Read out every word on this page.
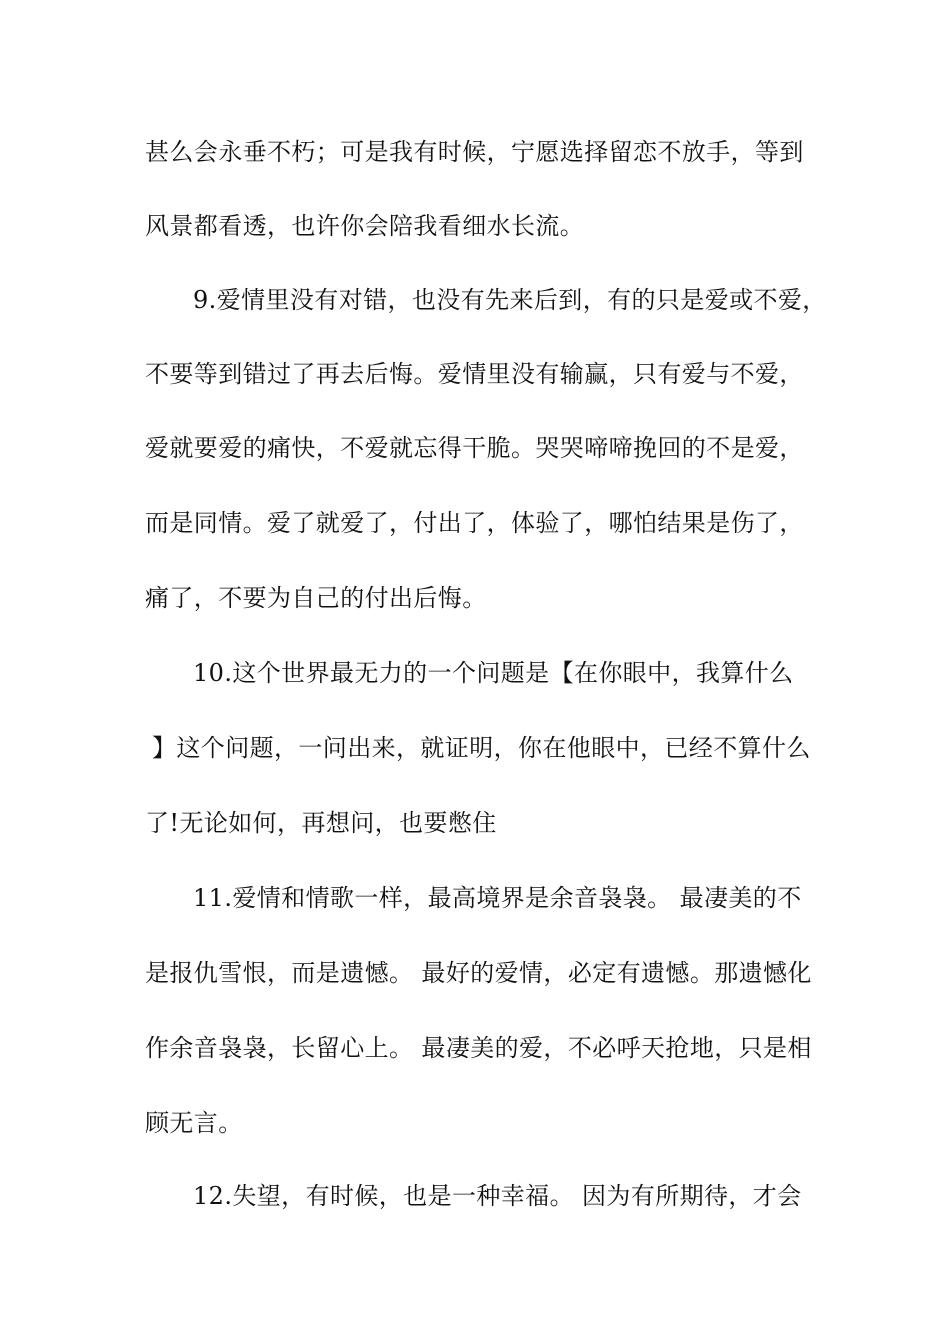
甚么会永垂不朽；可是我有时候，宁愿选择留恋不放手，等到
风景都看透，也许你会陪我看细水长流。
9.爱情里没有对错，也没有先来后到，有的只是爱或不爱，
不要等到错过了再去后悔。爱情里没有输赢，只有爱与不爱，
爱就要爱的痛快，不爱就忘得干脆。哭哭啼啼挽回的不是爱，
而是同情。爱了就爱了，付出了，体验了，哪怕结果是伤了，
痛了，不要为自己的付出后悔。
10.这个世界最无力的一个问题是【在你眼中，我算什么
】这个问题，一问出来，就证明，你在他眼中，已经不算什么
了!无论如何，再想问，也要憋住
11.爱情和情歌一样，最高境界是余音袅袅。 最凄美的不
是报仇雪恨，而是遗憾。 最好的爱情，必定有遗憾。那遗憾化
作余音袅袅，长留心上。 最凄美的爱，不必呼天抢地，只是相
顾无言。
12.失望，有时候，也是一种幸福。 因为有所期待，才会
